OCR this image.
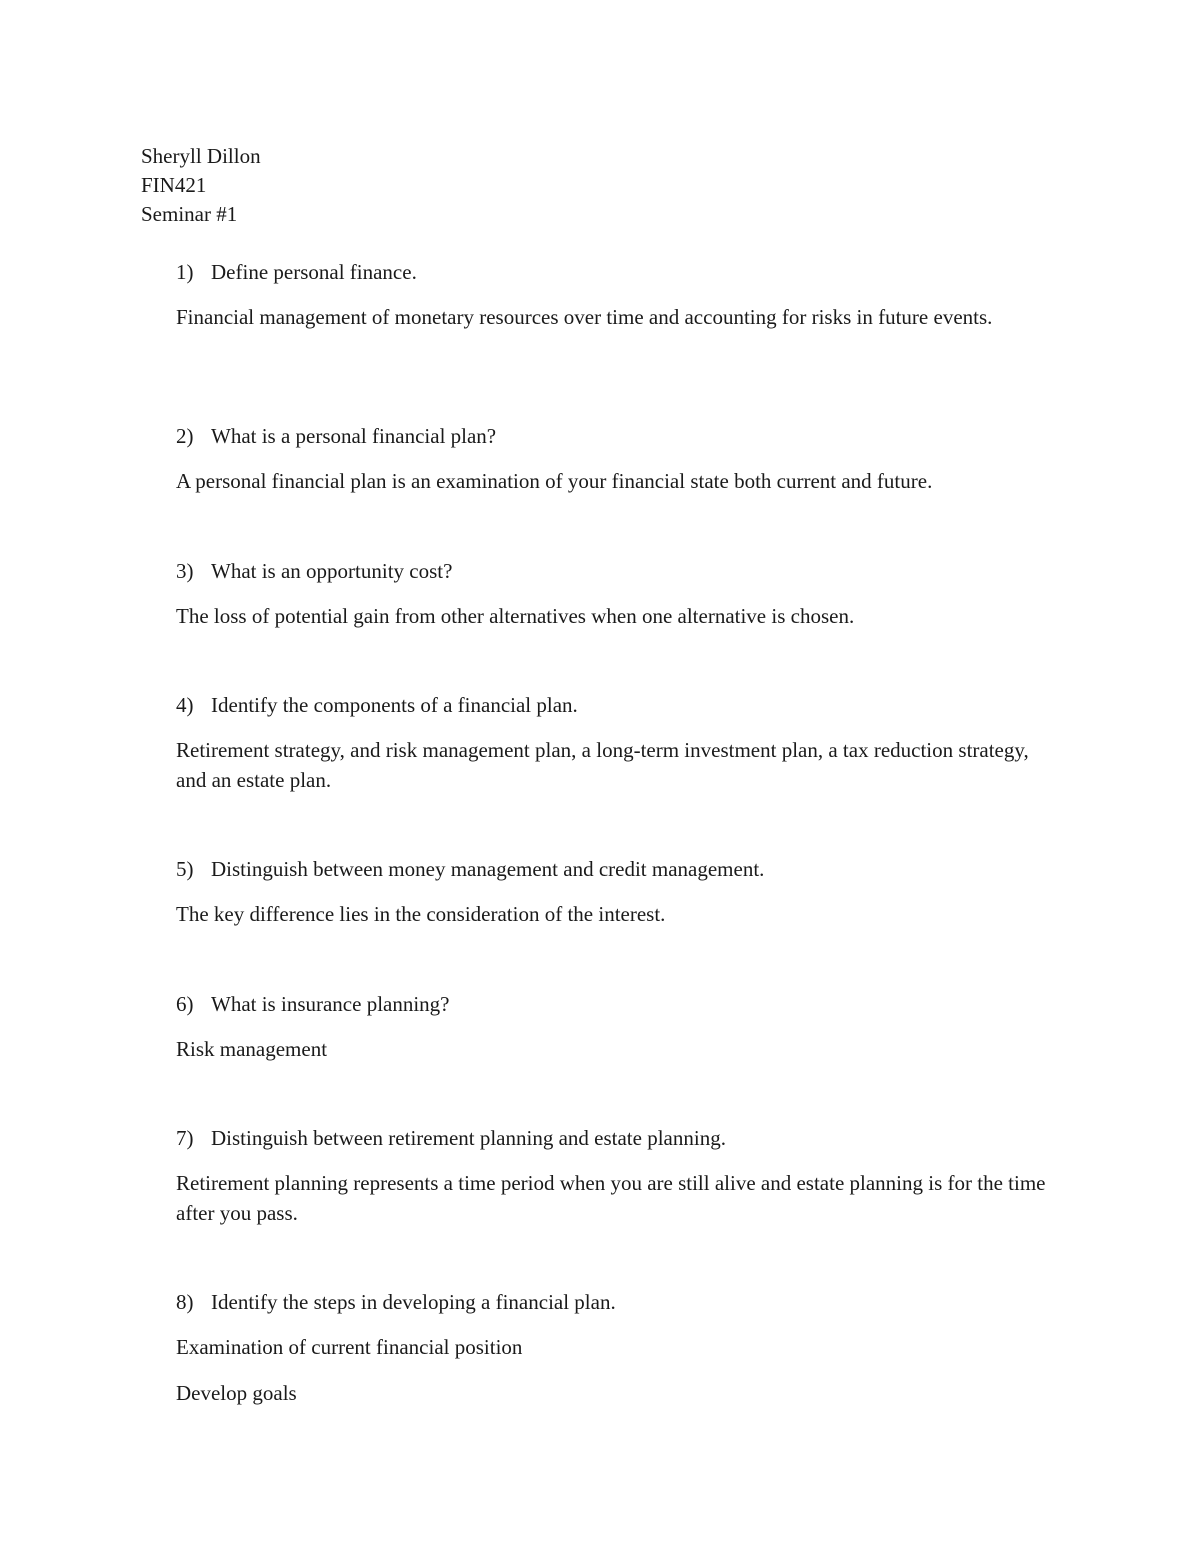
Sheryll Dillon
FIN421
Seminar #1
1) Define personal finance.
Financial management of monetary resources over time and accounting for risks in future events.
2) What is a personal financial plan?
A personal financial plan is an examination of your financial state both current and future.
3) What is an opportunity cost?
The loss of potential gain from other alternatives when one alternative is chosen.
4) Identify the components of a financial plan.
Retirement strategy, and risk management plan, a long-term investment plan, a tax reduction strategy, and an estate plan.
5) Distinguish between money management and credit management.
The key difference lies in the consideration of the interest.
6) What is insurance planning?
Risk management
7) Distinguish between retirement planning and estate planning.
Retirement planning represents a time period when you are still alive and estate planning is for the time after you pass.
8) Identify the steps in developing a financial plan.
Examination of current financial position
Develop goals
